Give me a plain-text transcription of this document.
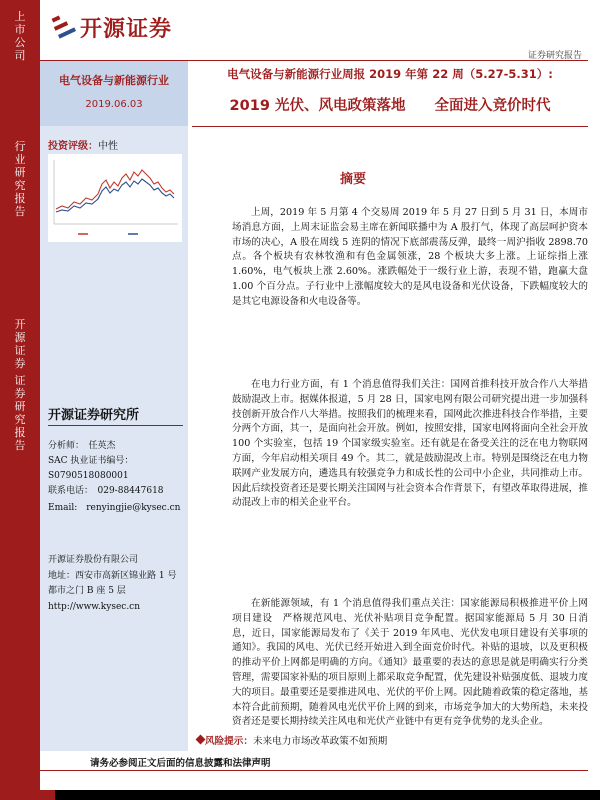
上
市
公
司
行
业
研
究
报
告
开
源
证
券
证
券
研
究
报
告
开源证券
证券研究报告
电气设备与新能源行业
2019.06.03
电气设备与新能源行业周报 2019 年第 22 周（5.27-5.31）:
2019 光伏、风电政策落地　　全面进入竞价时代
投资评级：中性
开源证券研究所
分析师：　 任英杰
SAC 执业证书编号：
S0790518080001
联系电话：　029-88447618
Email:　renyingjie@kysec.cn
开源证券股份有限公司
地址：西安市高新区锦业路 1 号
都市之门 B 座 5 层
http://www.kysec.cn
摘要
上周，2019 年 5 月第 4 个交易周 2019 年 5 月 27 日到 5 月 31 日，本周市场消息方面，上周末证监会易主席在新闻联播中为 A 股打气，体现了高层呵护资本市场的决心，A 股在周线 5 连阴的情况下底部震荡反弹，最终一周沪指收 2898.70 点。各个板块有农林牧渔和有色金属领涨，28 个板块大多上涨。上证综指上涨 1.60%，电气板块上涨 2.60%。涨跌幅处于一级行业上游，表现不错，跑赢大盘 1.00 个百分点。子行业中上涨幅度较大的是风电设备和光伏设备，下跌幅度较大的是其它电源设备和火电设备等。
在电力行业方面，有 1 个消息值得我们关注：国网首推科技开放合作八大举措　鼓励混改上市。据媒体报道，5 月 28 日，国家电网有限公司研究提出进一步加强科技创新开放合作八大举措。按照我们的梳理来看，国网此次推进科技合作举措，主要分两个方面，其一，是面向社会开放。例如，按照安排，国家电网将面向全社会开放 100 个实验室，包括 19 个国家级实验室。还有就是在备受关注的泛在电力物联网方面，今年启动相关项目 49 个。其二，就是鼓励混改上市。特别是围绕泛在电力物联网产业发展方向，遴选具有较强竞争力和成长性的公司中小企业，共同推动上市。因此后续投资者还是要长期关注国网与社会资本合作背景下，有望改革取得进展，推动混改上市的相关企业平台。
在新能源领域，有 1 个消息值得我们重点关注：国家能源局积极推进平价上网项目建设　严格规范风电、光伏补贴项目竞争配置。据国家能源局 5 月 30 日消息，近日，国家能源局发布了《关于 2019 年风电、光伏发电项目建设有关事项的通知》。我国的风电、光伏已经开始进入到全面竞价时代。补贴的退坡，以及更积极的推动平价上网都是明确的方向。《通知》最重要的表达的意思是就是明确实行分类管理，需要国家补贴的项目原则上都采取竞争配置，优先建设补贴强度低、退坡力度大的项目。最重要还是要推进风电、光伏的平价上网。因此随着政策的稳定落地，基本符合此前预期，随着风电光伏平价上网的到来，市场竞争加大的大势所趋，未来投资者还是要长期持续关注风电和光伏产业链中有更有竞争优势的龙头企业。
风险提示：未来电力市场改革政策不如预期
请务必参阅正文后面的信息披露和法律声明
